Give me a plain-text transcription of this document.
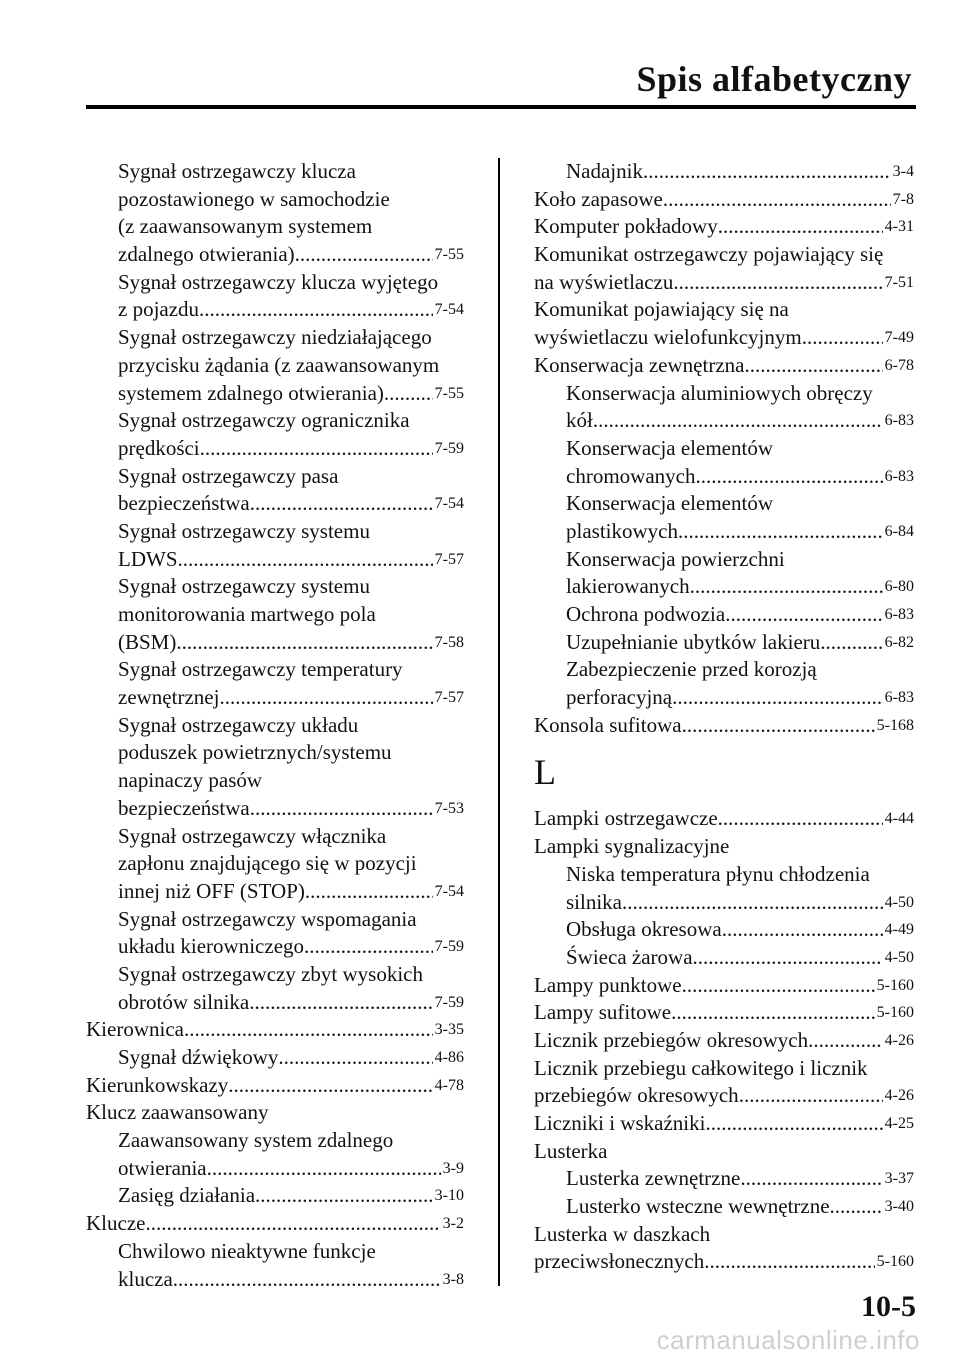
Spis alfabetyczny
Sygnał ostrzegawczy klucza
pozostawionego w samochodzie
(z zaawansowanym systemem
zdalnego otwierania) .....	7-55
Sygnał ostrzegawczy klucza wyjętego
z pojazdu .....	7-54
Sygnał ostrzegawczy niedziałającego
przycisku żądania (z zaawansowanym
systemem zdalnego otwierania) .....	7-55
Sygnał ostrzegawczy ogranicznika
prędkości .....	7-59
Sygnał ostrzegawczy pasa
bezpieczeństwa .....	7-54
Sygnał ostrzegawczy systemu
LDWS .....	7-57
Sygnał ostrzegawczy systemu
monitorowania martwego pola
(BSM) .....	7-58
Sygnał ostrzegawczy temperatury
zewnętrznej .....	7-57
Sygnał ostrzegawczy układu
poduszek powietrznych/systemu
napinaczy pasów
bezpieczeństwa .....	7-53
Sygnał ostrzegawczy włącznika
zapłonu znajdującego się w pozycji
innej niż OFF (STOP) .....	7-54
Sygnał ostrzegawczy wspomagania
układu kierowniczego .....	7-59
Sygnał ostrzegawczy zbyt wysokich
obrotów silnika .....	7-59
Kierownica .....	3-35
Sygnał dźwiękowy .....	4-86
Kierunkowskazy .....	4-78
Klucz zaawansowany
Zaawansowany system zdalnego
otwierania .....	3-9
Zasięg działania .....	3-10
Klucze .....	3-2
Chwilowo nieaktywne funkcje
klucza .....	3-8
Nadajnik .....	3-4
Koło zapasowe .....	7-8
Komputer pokładowy .....	4-31
Komunikat ostrzegawczy pojawiający się
na wyświetlaczu .....	7-51
Komunikat pojawiający się na
wyświetlaczu wielofunkcyjnym .....	7-49
Konserwacja zewnętrzna .....	6-78
Konserwacja aluminiowych obręczy
kół .....	6-83
Konserwacja elementów
chromowanych .....	6-83
Konserwacja elementów
plastikowych .....	6-84
Konserwacja powierzchni
lakierowanych .....	6-80
Ochrona podwozia .....	6-83
Uzupełnianie ubytków lakieru .....	6-82
Zabezpieczenie przed korozją
perforacyjną .....	6-83
Konsola sufitowa .....	5-168
L
Lampki ostrzegawcze .....	4-44
Lampki sygnalizacyjne
Niska temperatura płynu chłodzenia
silnika .....	4-50
Obsługa okresowa .....	4-49
Świeca żarowa .....	4-50
Lampy punktowe .....	5-160
Lampy sufitowe .....	5-160
Licznik przebiegów okresowych .....	4-26
Licznik przebiegu całkowitego i licznik
przebiegów okresowych .....	4-26
Liczniki i wskaźniki .....	4-25
Lusterka
Lusterka zewnętrzne .....	3-37
Lusterko wsteczne wewnętrzne .....	3-40
Lusterka w daszkach
przeciwsłonecznych .....	5-160
10-5
carmanualsonline.info
